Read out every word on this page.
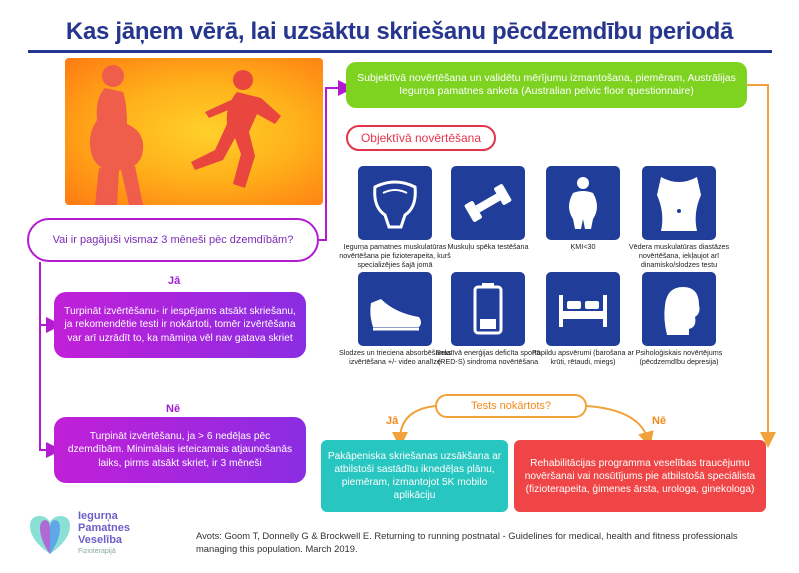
Kas jāņem vērā, lai uzsāktu skriešanu pēcdzemdību periodā
Subjektīvā novērtēšana un validētu mērījumu izmantošana, piemēram, Austrālijas Iegurņa pamatnes anketa (Australian pelvic floor questionnaire)
Objektīvā novērtēšana
Vai ir pagājuši vismaz 3 mēneši pēc dzemdībām?
Jā
Turpināt izvērtēšanu- ir iespējams atsākt skriešanu, ja rekomendētie testi ir nokārtoti, tomēr izvērtēšana var arī uzrādīt to, ka māmiņa vēl nav gatava skriet
Nē
Turpināt izvērtēšanu, ja > 6 nedēļas pēc dzemdībām. Minimālais ieteicamais atjaunošanās laiks, pirms atsākt skriet, ir 3 mēneši
Iegurņa pamatnes muskulatūras novērtēšana pie fizioterapeita, kurš specializējies šajā jomā
Muskuļu spēka testēšana	ĶMI<30	Vēdera muskulatūras diastāzes novērtēšana, iekļaujot arī dinamisko/slodzes testu
Slodzes un trieciena absorbēšanas izvērtēšana +/- video analīze
Relatīvā enerģijas deficīta sportā (RED-S) sindroma novērtēšana
Papildu apsvērumi (barošana ar krūti, rētaudi, miegs)
Psiholoģiskais novērtējums (pēcdzemdību depresija)
Tests nokārtots?
Jā	Nē
Pakāpeniska skriešanas uzsākšana ar atbilstoši sastādītu iknedēļas plānu, piemēram, izmantojot 5K mobilo aplikāciju
Rehabilitācijas programma veselības traucējumu novēršanai vai nosūtījums pie atbilstošā speciālista (fizioterapeita, ģimenes ārsta, urologa, ginekologa)
Iegurņa
Pamatnes
Veselība
Fizioterapijā
Avots: Goom T, Donnelly G & Brockwell E. Returning to running postnatal - Guidelines for medical, health and fitness professionals managing this population. March 2019.
